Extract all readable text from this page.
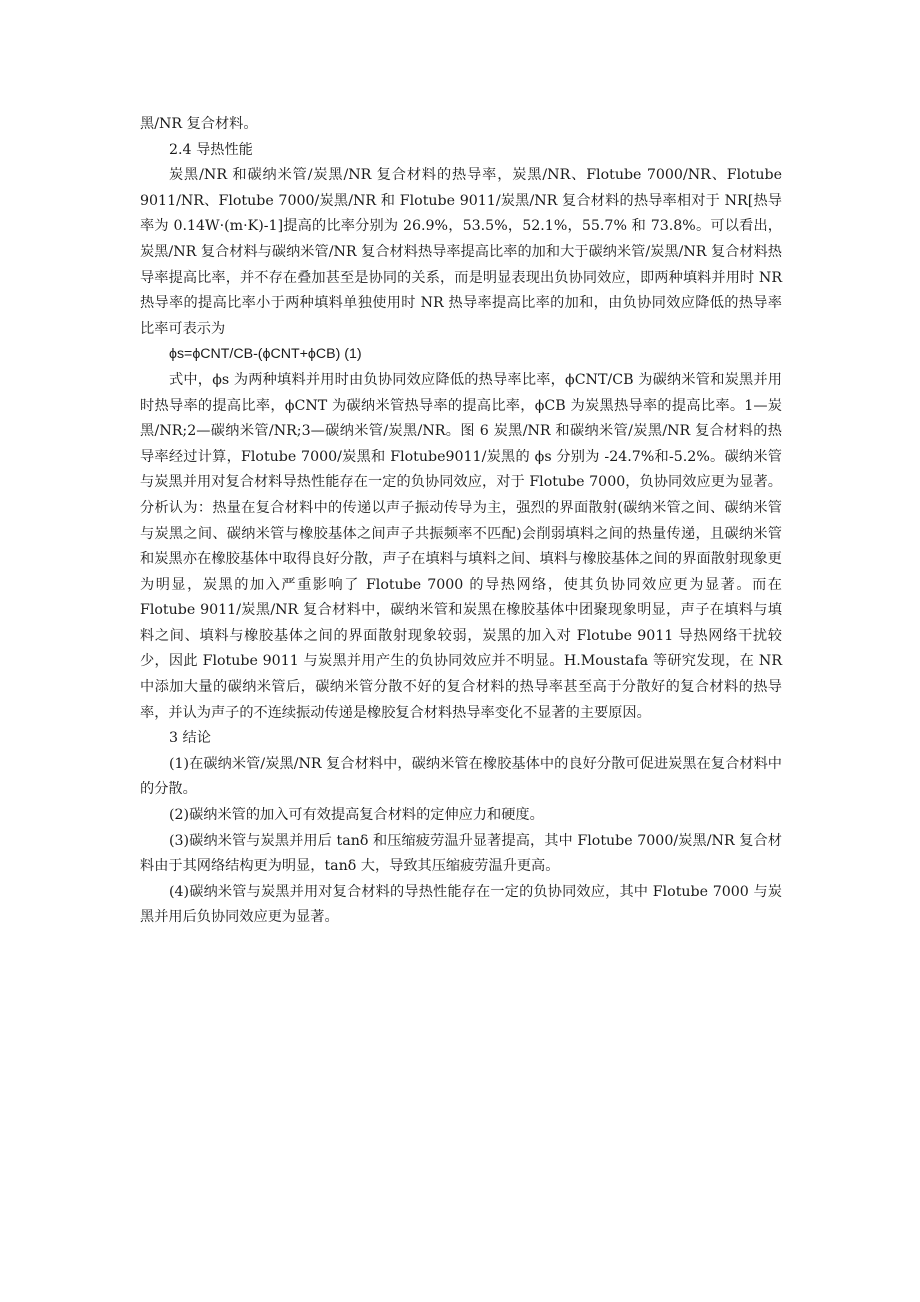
黑/NR 复合材料。

2.4 导热性能

炭黑/NR 和碳纳米管/炭黑/NR 复合材料的热导率，炭黑/NR、Flotube 7000/NR、Flotube 9011/NR、Flotube 7000/炭黑/NR 和 Flotube 9011/炭黑/NR 复合材料的热导率相对于 NR[热导率为 0.14W·(m·K)-1]提高的比率分别为 26.9%，53.5%，52.1%，55.7% 和 73.8%。可以看出，炭黑/NR 复合材料与碳纳米管/NR 复合材料热导率提高比率的加和大于碳纳米管/炭黑/NR 复合材料热导率提高比率，并不存在叠加甚至是协同的关系，而是明显表现出负协同效应，即两种填料并用时 NR 热导率的提高比率小于两种填料单独使用时 NR 热导率提高比率的加和，由负协同效应降低的热导率比率可表示为

ϕs=ϕCNT/CB-(ϕCNT+ϕCB) (1)

式中，ϕs 为两种填料并用时由负协同效应降低的热导率比率，ϕCNT/CB 为碳纳米管和炭黑并用时热导率的提高比率，ϕCNT 为碳纳米管热导率的提高比率，ϕCB 为炭黑热导率的提高比率。1—炭黑/NR;2—碳纳米管/NR;3—碳纳米管/炭黑/NR。图 6 炭黑/NR 和碳纳米管/炭黑/NR 复合材料的热导率经过计算，Flotube 7000/炭黑和 Flotube9011/炭黑的 ϕs 分别为 -24.7%和-5.2%。碳纳米管与炭黑并用对复合材料导热性能存在一定的负协同效应，对于 Flotube 7000，负协同效应更为显著。分析认为：热量在复合材料中的传递以声子振动传导为主，强烈的界面散射(碳纳米管之间、碳纳米管与炭黑之间、碳纳米管与橡胶基体之间声子共振频率不匹配)会削弱填料之间的热量传递，且碳纳米管和炭黑亦在橡胶基体中取得良好分散，声子在填料与填料之间、填料与橡胶基体之间的界面散射现象更为明显，炭黑的加入严重影响了 Flotube 7000 的导热网络，使其负协同效应更为显著。而在 Flotube 9011/炭黑/NR 复合材料中，碳纳米管和炭黑在橡胶基体中团聚现象明显，声子在填料与填料之间、填料与橡胶基体之间的界面散射现象较弱，炭黑的加入对 Flotube 9011 导热网络干扰较少，因此 Flotube 9011 与炭黑并用产生的负协同效应并不明显。H.Moustafa 等研究发现，在 NR 中添加大量的碳纳米管后，碳纳米管分散不好的复合材料的热导率甚至高于分散好的复合材料的热导率，并认为声子的不连续振动传递是橡胶复合材料热导率变化不显著的主要原因。

3 结论

(1)在碳纳米管/炭黑/NR 复合材料中，碳纳米管在橡胶基体中的良好分散可促进炭黑在复合材料中的分散。

(2)碳纳米管的加入可有效提高复合材料的定伸应力和硬度。

(3)碳纳米管与炭黑并用后 tanδ 和压缩疲劳温升显著提高，其中 Flotube 7000/炭黑/NR 复合材料由于其网络结构更为明显，tanδ 大，导致其压缩疲劳温升更高。

(4)碳纳米管与炭黑并用对复合材料的导热性能存在一定的负协同效应，其中 Flotube 7000 与炭黑并用后负协同效应更为显著。
